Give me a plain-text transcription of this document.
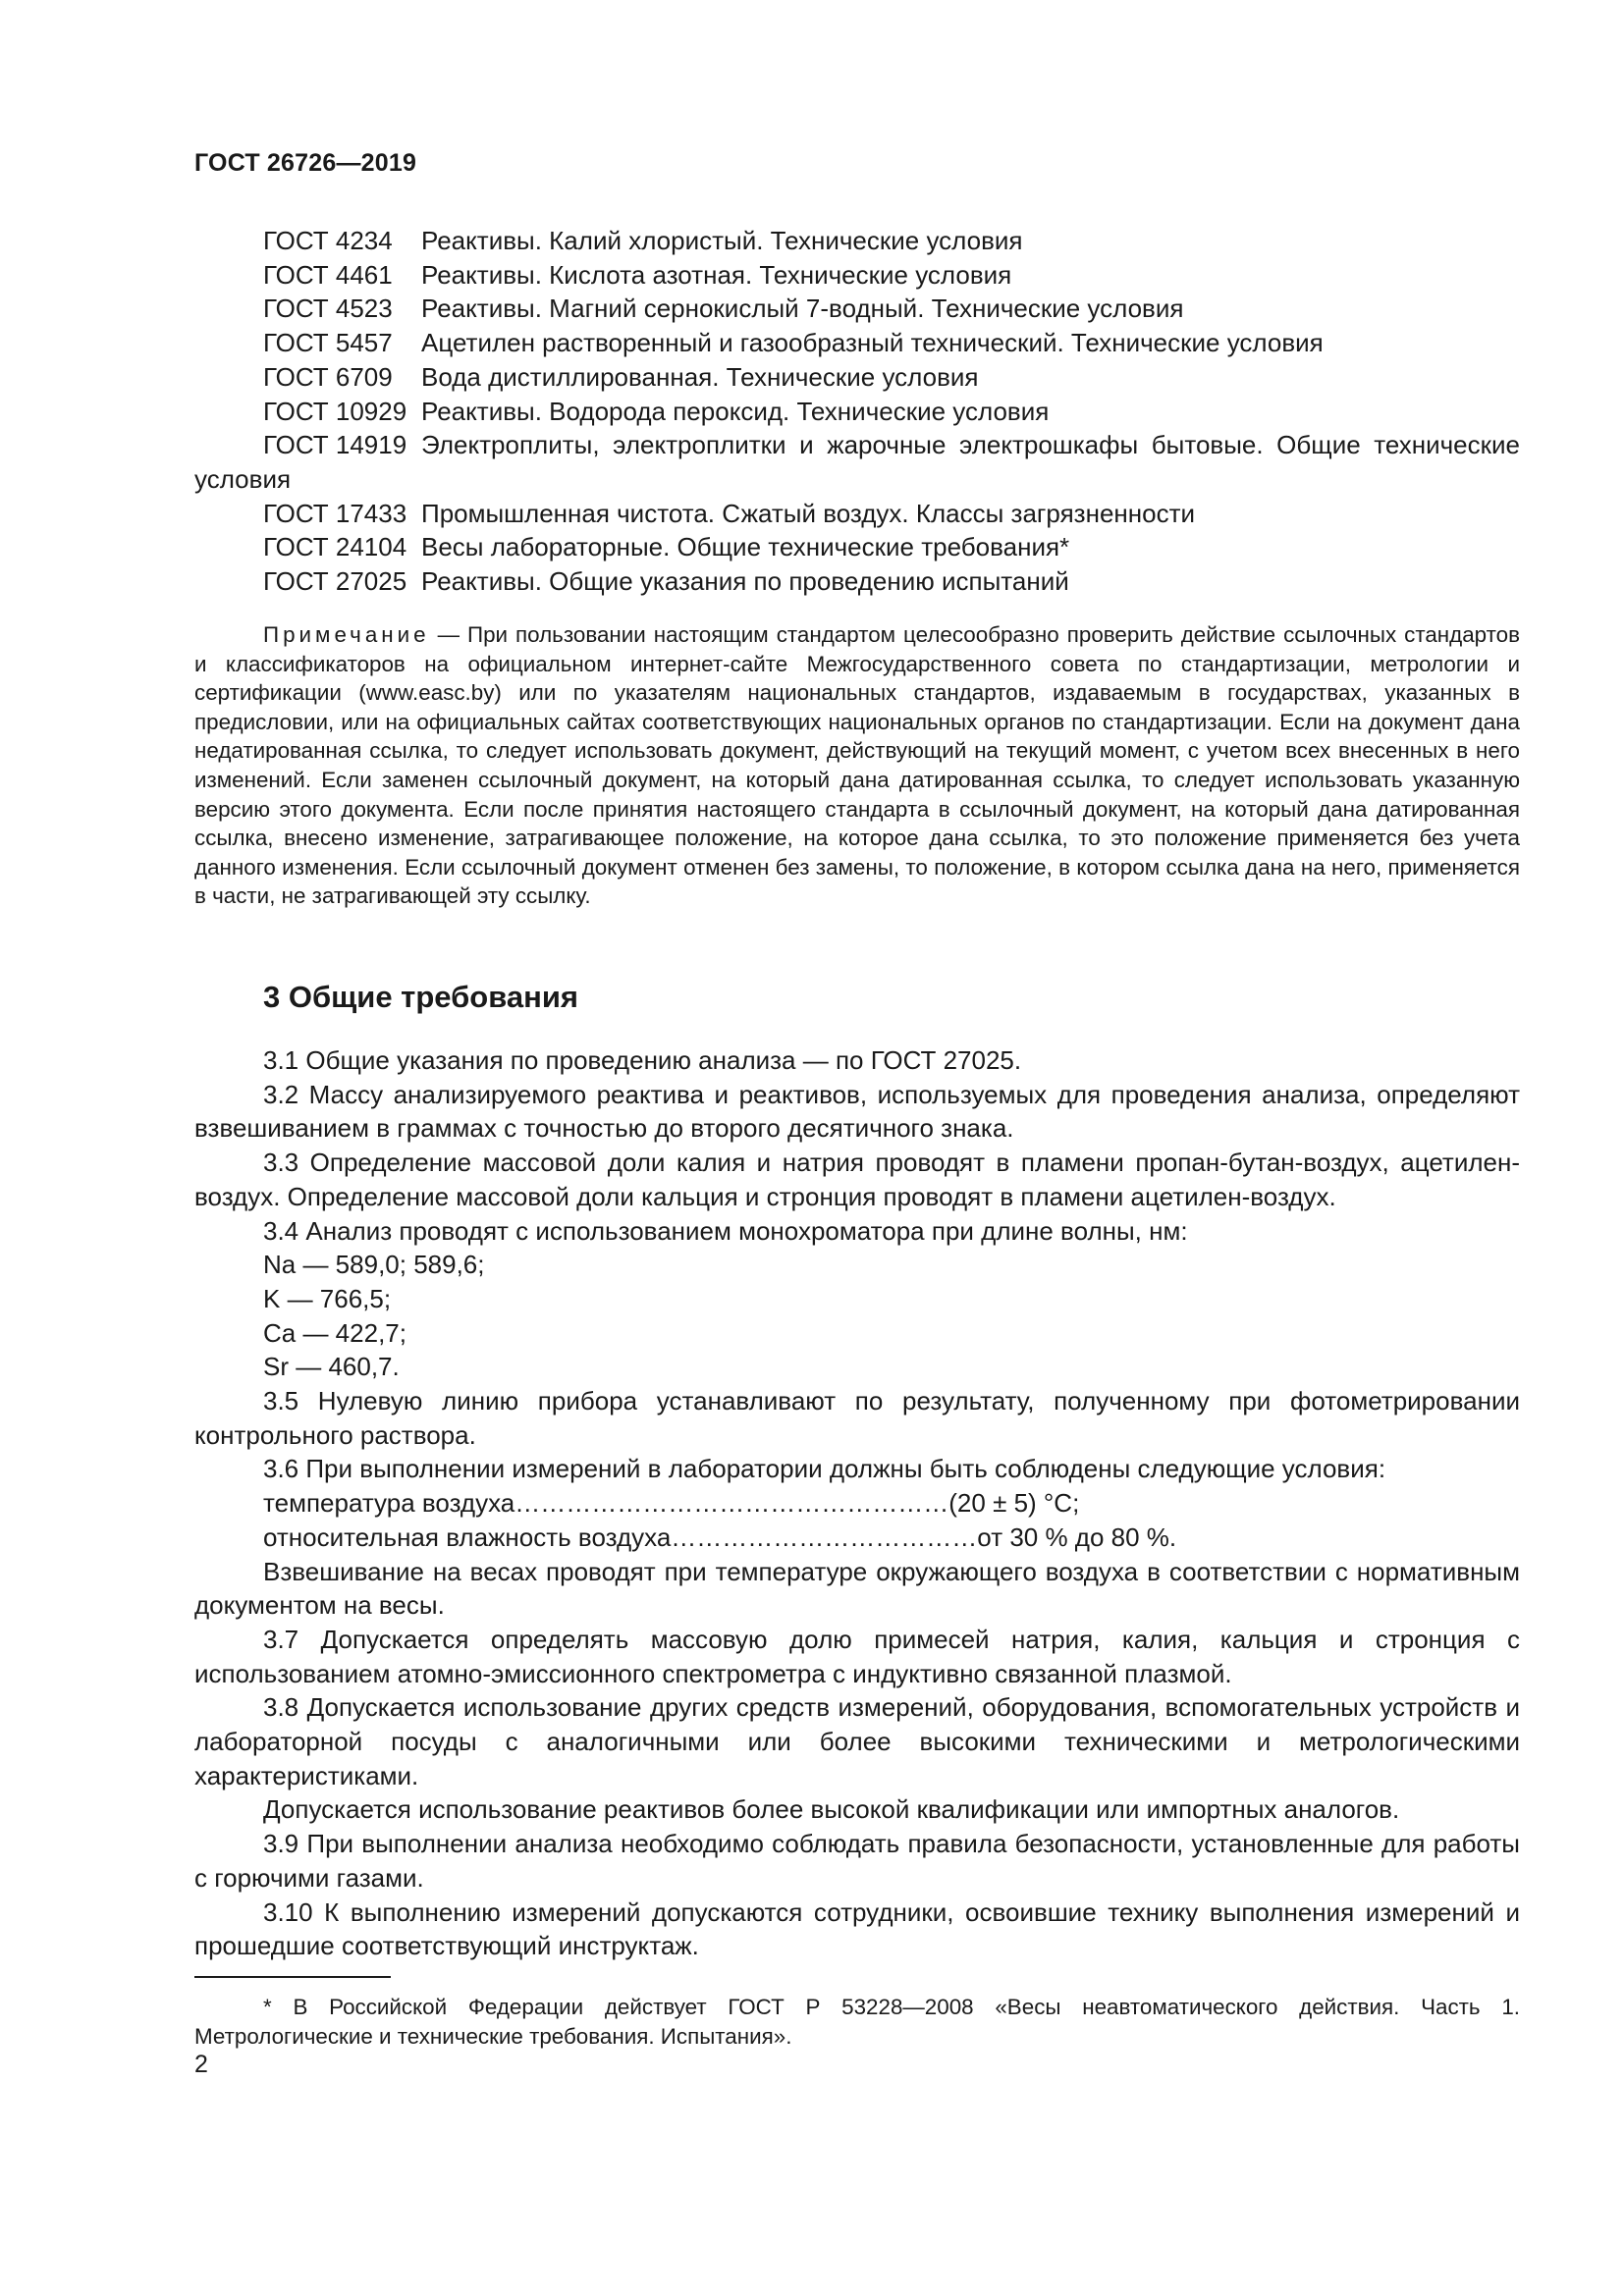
ГОСТ 26726—2019
ГОСТ 4234 Реактивы. Калий хлористый. Технические условия
ГОСТ 4461 Реактивы. Кислота азотная. Технические условия
ГОСТ 4523 Реактивы. Магний сернокислый 7-водный. Технические условия
ГОСТ 5457 Ацетилен растворенный и газообразный технический. Технические условия
ГОСТ 6709 Вода дистиллированная. Технические условия
ГОСТ 10929 Реактивы. Водорода пероксид. Технические условия
ГОСТ 14919 Электроплиты, электроплитки и жарочные электрошкафы бытовые. Общие технические условия
ГОСТ 17433 Промышленная чистота. Сжатый воздух. Классы загрязненности
ГОСТ 24104 Весы лабораторные. Общие технические требования*
ГОСТ 27025 Реактивы. Общие указания по проведению испытаний
Примечание — При пользовании настоящим стандартом целесообразно проверить действие ссылочных стандартов и классификаторов на официальном интернет-сайте Межгосударственного совета по стандартизации, метрологии и сертификации (www.easc.by) или по указателям национальных стандартов, издаваемым в государствах, указанных в предисловии, или на официальных сайтах соответствующих национальных органов по стандартизации. Если на документ дана недатированная ссылка, то следует использовать документ, действующий на текущий момент, с учетом всех внесенных в него изменений. Если заменен ссылочный документ, на который дана датированная ссылка, то следует использовать указанную версию этого документа. Если после принятия настоящего стандарта в ссылочный документ, на который дана датированная ссылка, внесено изменение, затрагивающее положение, на которое дана ссылка, то это положение применяется без учета данного изменения. Если ссылочный документ отменен без замены, то положение, в котором ссылка дана на него, применяется в части, не затрагивающей эту ссылку.
3 Общие требования

3.1 Общие указания по проведению анализа — по ГОСТ 27025.

3.2 Массу анализируемого реактива и реактивов, используемых для проведения анализа, определяют взвешиванием в граммах с точностью до второго десятичного знака.

3.3 Определение массовой доли калия и натрия проводят в пламени пропан-бутан-воздух, ацетилен-воздух. Определение массовой доли кальция и стронция проводят в пламени ацетилен-воздух.

3.4 Анализ проводят с использованием монохроматора при длине волны, нм:

Na — 589,0; 589,6;

K — 766,5;

Ca — 422,7;

Sr — 460,7.

3.5 Нулевую линию прибора устанавливают по результату, полученному при фотометрировании контрольного раствора.

3.6 При выполнении измерений в лаборатории должны быть соблюдены следующие условия:

температура воздуха……………………………………………(20 ± 5) °С;

относительная влажность воздуха………………………………от 30 % до 80 %.

Взвешивание на весах проводят при температуре окружающего воздуха в соответствии с нормативным документом на весы.

3.7 Допускается определять массовую долю примесей натрия, калия, кальция и стронция с использованием атомно-эмиссионного спектрометра с индуктивно связанной плазмой.

3.8 Допускается использование других средств измерений, оборудования, вспомогательных устройств и лабораторной посуды с аналогичными или более высокими техническими и метрологическими характеристиками.

Допускается использование реактивов более высокой квалификации или импортных аналогов.

3.9 При выполнении анализа необходимо соблюдать правила безопасности, установленные для работы с горючими газами.

3.10 К выполнению измерений допускаются сотрудники, освоившие технику выполнения измерений и прошедшие соответствующий инструктаж.

* В Российской Федерации действует ГОСТ Р 53228—2008 «Весы неавтоматического действия. Часть 1. Метрологические и технические требования. Испытания».
2
